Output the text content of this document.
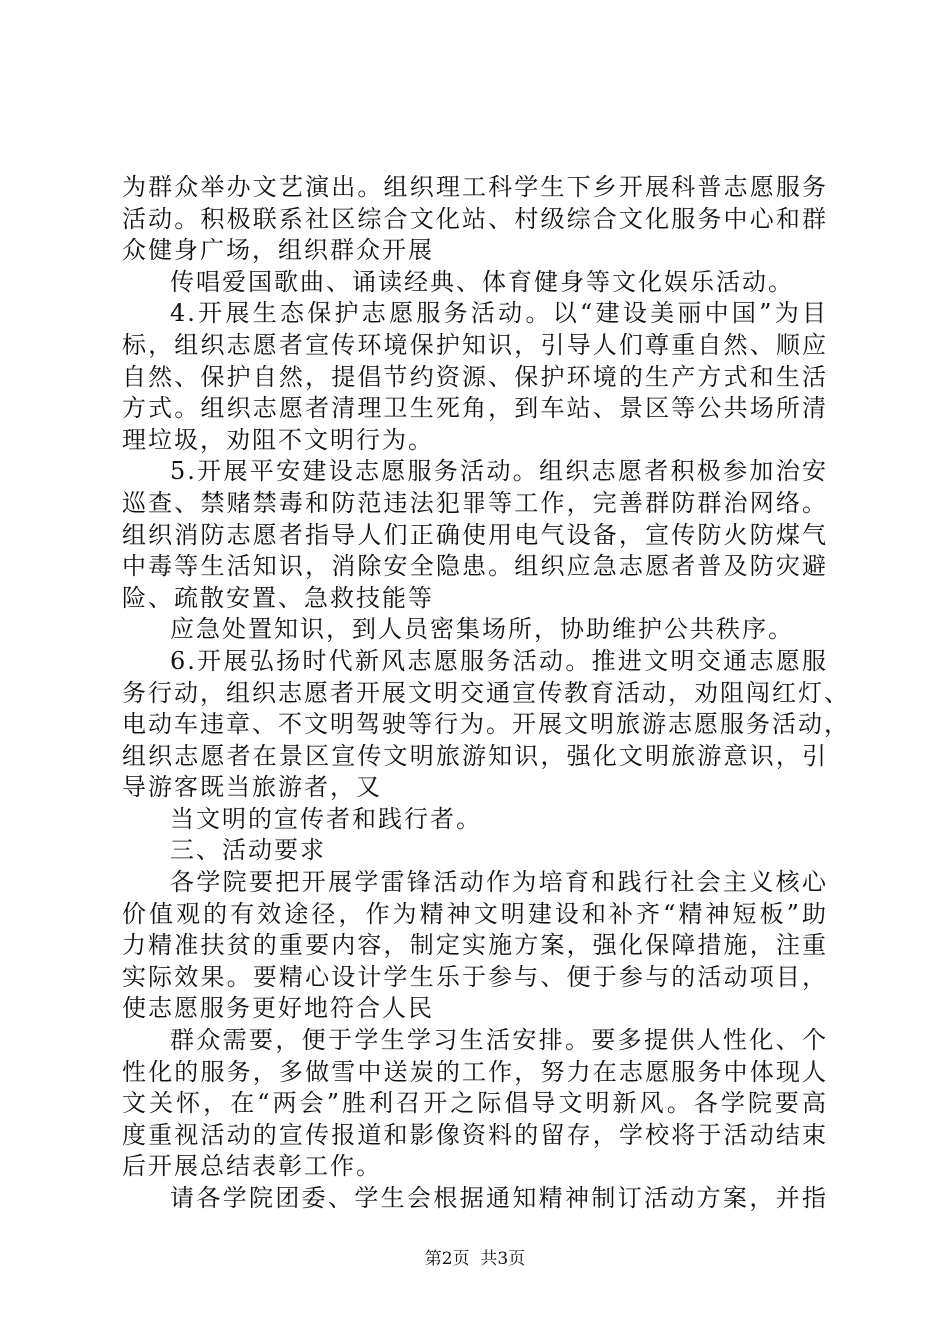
为群众举办文艺演出。组织理工科学生下乡开展科普志愿服务
活动。积极联系社区综合文化站、村级综合文化服务中心和群
众健身广场，组织群众开展
传唱爱国歌曲、诵读经典、体育健身等文化娱乐活动。
4.开展生态保护志愿服务活动。以“建设美丽中国”为目
标，组织志愿者宣传环境保护知识，引导人们尊重自然、顺应
自然、保护自然，提倡节约资源、保护环境的生产方式和生活
方式。组织志愿者清理卫生死角，到车站、景区等公共场所清
理垃圾，劝阻不文明行为。
5.开展平安建设志愿服务活动。组织志愿者积极参加治安
巡查、禁赌禁毒和防范违法犯罪等工作，完善群防群治网络。
组织消防志愿者指导人们正确使用电气设备，宣传防火防煤气
中毒等生活知识，消除安全隐患。组织应急志愿者普及防灾避
险、疏散安置、急救技能等
应急处置知识，到人员密集场所，协助维护公共秩序。
6.开展弘扬时代新风志愿服务活动。推进文明交通志愿服
务行动，组织志愿者开展文明交通宣传教育活动，劝阻闯红灯、
电动车违章、不文明驾驶等行为。开展文明旅游志愿服务活动，
组织志愿者在景区宣传文明旅游知识，强化文明旅游意识，引
导游客既当旅游者，又
当文明的宣传者和践行者。
三、活动要求
各学院要把开展学雷锋活动作为培育和践行社会主义核心
价值观的有效途径，作为精神文明建设和补齐“精神短板”助
力精准扶贫的重要内容，制定实施方案，强化保障措施，注重
实际效果。要精心设计学生乐于参与、便于参与的活动项目，
使志愿服务更好地符合人民
群众需要，便于学生学习生活安排。要多提供人性化、个
性化的服务，多做雪中送炭的工作，努力在志愿服务中体现人
文关怀，在“两会”胜利召开之际倡导文明新风。各学院要高
度重视活动的宣传报道和影像资料的留存，学校将于活动结束
后开展总结表彰工作。
请各学院团委、学生会根据通知精神制订活动方案，并指
第2页  共3页
